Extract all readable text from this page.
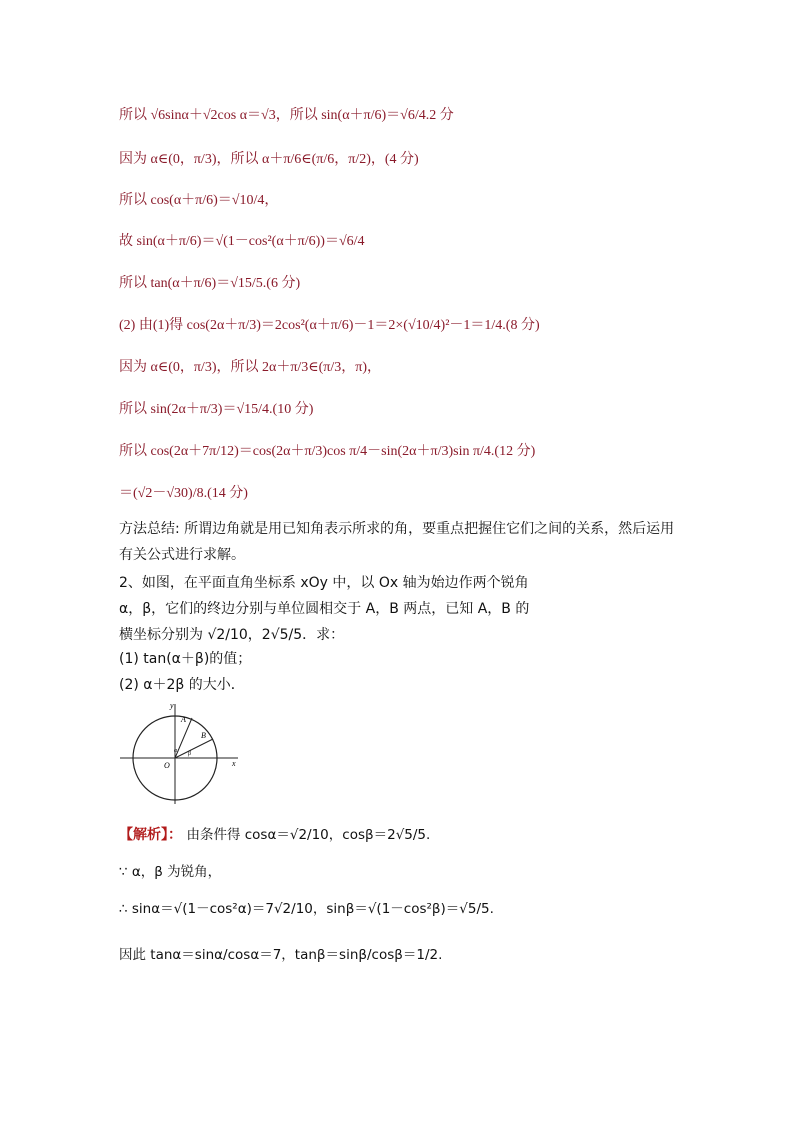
所以 √6sinα＋√2cos α＝√3，所以 sin(α＋π/6)＝√6/4.2 分
因为 α∈(0，π/3)，所以 α＋π/6∈(π/6，π/2)，(4 分)
所以 cos(α＋π/6)＝√10/4，
故 sin(α＋π/6)＝√(1－cos²(α＋π/6))＝√6/4
所以 tan(α＋π/6)＝√15/5.(6 分)
(2) 由(1)得 cos(2α＋π/3)＝2cos²(α＋π/6)－1＝2×(√10/4)²－1＝1/4.(8 分)
因为 α∈(0，π/3)，所以 2α＋π/3∈(π/3，π)，
所以 sin(2α＋π/3)＝√15/4.(10 分)
所以 cos(2α＋7π/12)＝cos(2α＋π/3)cos π/4－sin(2α＋π/3)sin π/4.(12 分)
＝(√2－√30)/8.(14 分)
方法总结: 所谓边角就是用已知角表示所求的角，要重点把握住它们之间的关系，然后运用有关公式进行求解。
2、如图，在平面直角坐标系 xOy 中，以 Ox 轴为始边作两个锐角 α，β，它们的终边分别与单位圆相交于 A，B 两点，已知 A，B 的横坐标分别为 √2/10，2√5/5．求：
(1) tan(α＋β)的值；
(2) α＋2β 的大小．
y
x
O
A
B
α β
【解析】： 由条件得 cosα＝√2/10，cosβ＝2√5/5.
∵ α，β 为锐角，
∴ sinα＝√(1－cos²α)＝7√2/10，sinβ＝√(1－cos²β)＝√5/5.
因此 tanα＝sinα/cosα＝7，tanβ＝sinβ/cosβ＝1/2.
